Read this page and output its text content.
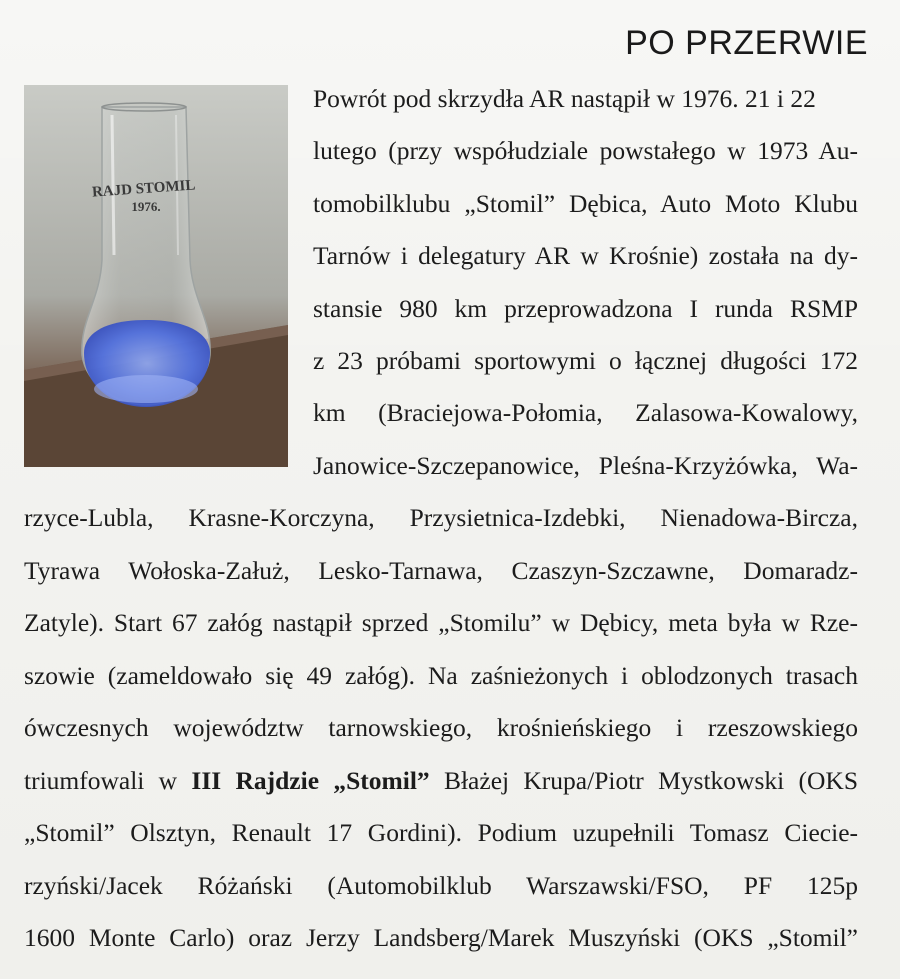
PO PRZERWIE
RAJD STOMIL
1976.
Powrót pod skrzydła AR nastąpił w 1976. 21 i 22
lutego (przy współudziale powstałego w 1973 Au-
tomobilklubu „Stomil” Dębica, Auto Moto Klubu
Tarnów i delegatury AR w Krośnie) została na dy-
stansie 980 km przeprowadzona I runda RSMP
z 23 próbami sportowymi o łącznej długości 172
km (Braciejowa-Połomia, Zalasowa-Kowalowy,
Janowice-Szczepanowice, Pleśna-Krzyżówka, Wa-
rzyce-Lubla, Krasne-Korczyna, Przysietnica-Izdebki, Nienadowa-Bircza,
Tyrawa Wołoska-Załuż, Lesko-Tarnawa, Czaszyn-Szczawne, Domaradz-
Zatyle). Start 67 załóg nastąpił sprzed „Stomilu” w Dębicy, meta była w Rze-
szowie (zameldowało się 49 załóg). Na zaśnieżonych i oblodzonych trasach
ówczesnych województw tarnowskiego, krośnieńskiego i rzeszowskiego
triumfowali w III Rajdzie „Stomil” Błażej Krupa/Piotr Mystkowski (OKS
„Stomil” Olsztyn, Renault 17 Gordini). Podium uzupełnili Tomasz Ciecie-
rzyński/Jacek Różański (Automobilklub Warszawski/FSO, PF 125p
1600 Monte Carlo) oraz Jerzy Landsberg/Marek Muszyński (OKS „Stomil”
